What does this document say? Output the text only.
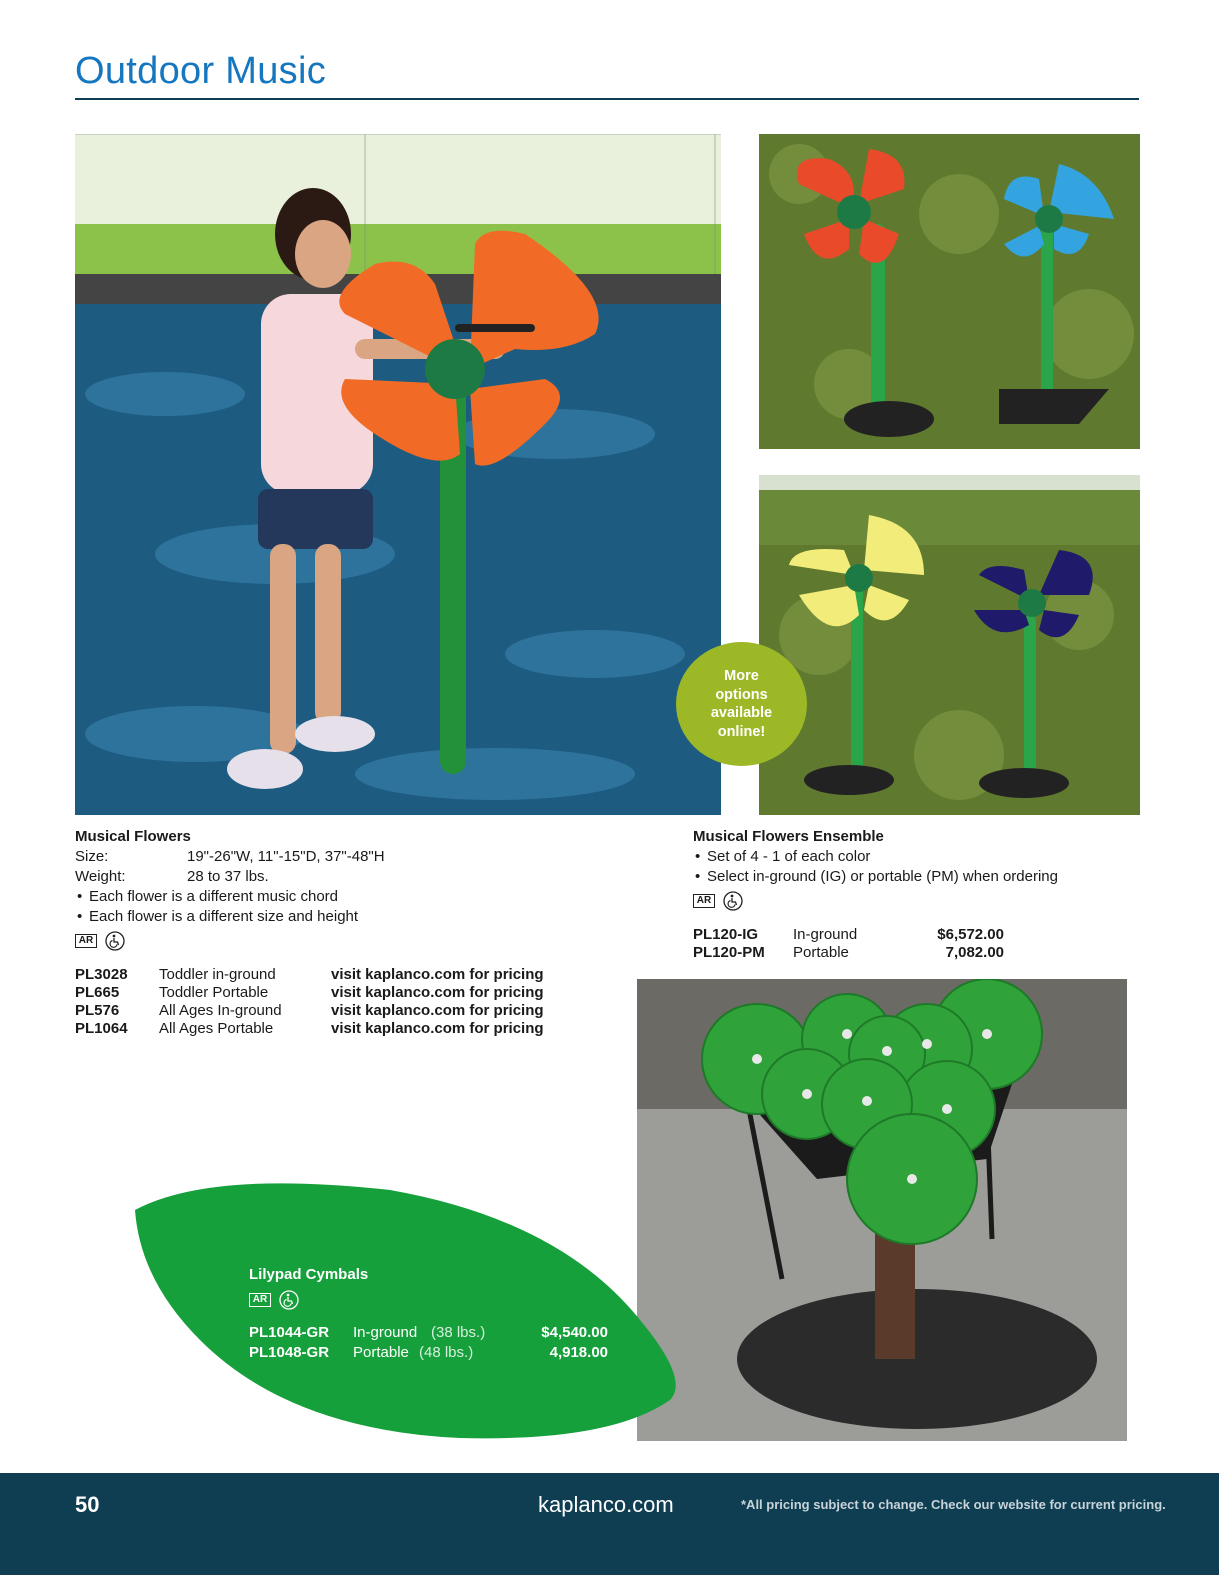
Outdoor Music
More
options
available
online!
Musical Flowers
Size:	19"-26"W, 11"-15"D, 37"-48"H
Weight:	28 to 37 lbs.
• Each flower is a different music chord
• Each flower is a different size and height
AR
PL3028	Toddler in-ground	visit kaplanco.com for pricing
PL665	Toddler Portable	visit kaplanco.com for pricing
PL576	All Ages In-ground	visit kaplanco.com for pricing
PL1064	All Ages Portable	visit kaplanco.com for pricing
Musical Flowers Ensemble
• Set of 4 - 1 of each color
• Select in-ground (IG) or portable (PM) when ordering
AR
PL120-IG	In-ground	$6,572.00
PL120-PM	Portable	7,082.00
Lilypad Cymbals
AR
PL1044-GR	In-ground (38 lbs.)	$4,540.00
PL1048-GR	Portable (48 lbs.)	4,918.00
50	kaplanco.com	*All pricing subject to change. Check our website for current pricing.
